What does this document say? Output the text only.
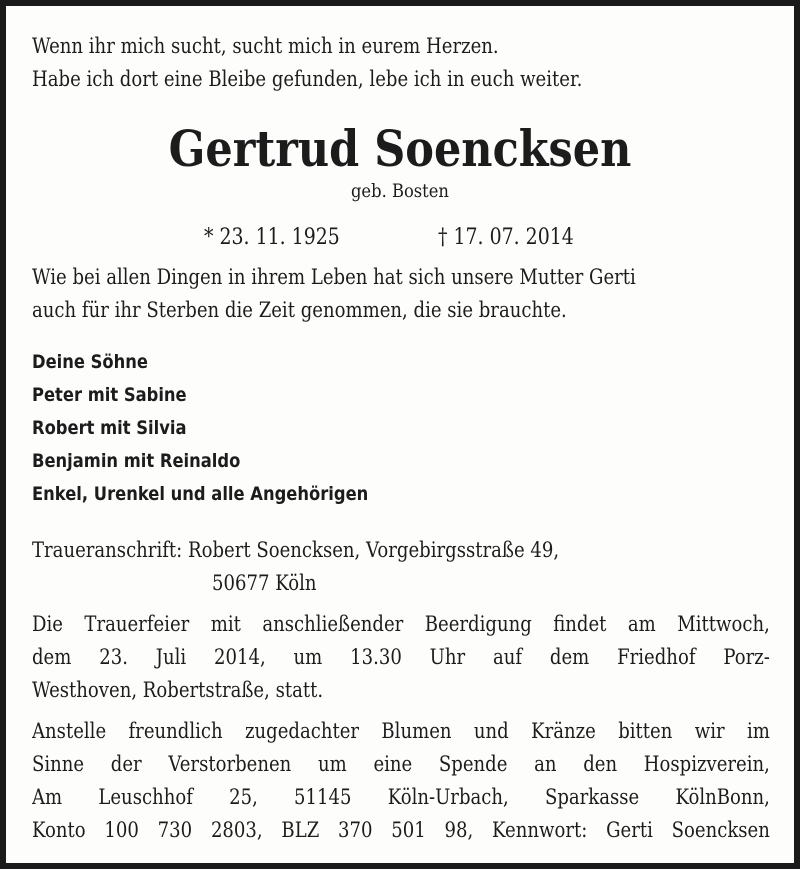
Wenn ihr mich sucht, sucht mich in eurem Herzen.

Habe ich dort eine Bleibe gefunden, lebe ich in euch weiter.

Gertrud Soencksen
geb. Bosten

* 23. 11. 1925	† 17. 07. 2014

Wie bei allen Dingen in ihrem Leben hat sich unsere Mutter Gerti

auch für ihr Sterben die Zeit genommen, die sie brauchte.

Deine Söhne

Peter mit Sabine

Robert mit Silvia

Benjamin mit Reinaldo

Enkel, Urenkel und alle Angehörigen

Traueranschrift: Robert Soencksen, Vorgebirgsstraße 49,

50677 Köln

Die Trauerfeier mit anschließender Beerdigung findet am Mittwoch,
dem 23. Juli 2014, um 13.30 Uhr auf dem Friedhof Porz-

Westhoven, Robertstraße, statt.

Anstelle freundlich zugedachter Blumen und Kränze bitten wir im
Sinne der Verstorbenen um eine Spende an den Hospizverein,
Am Leuschhof 25, 51145 Köln-Urbach, Sparkasse KölnBonn,
Konto 100 730 2803, BLZ 370 501 98, Kennwort: Gerti Soencksen
